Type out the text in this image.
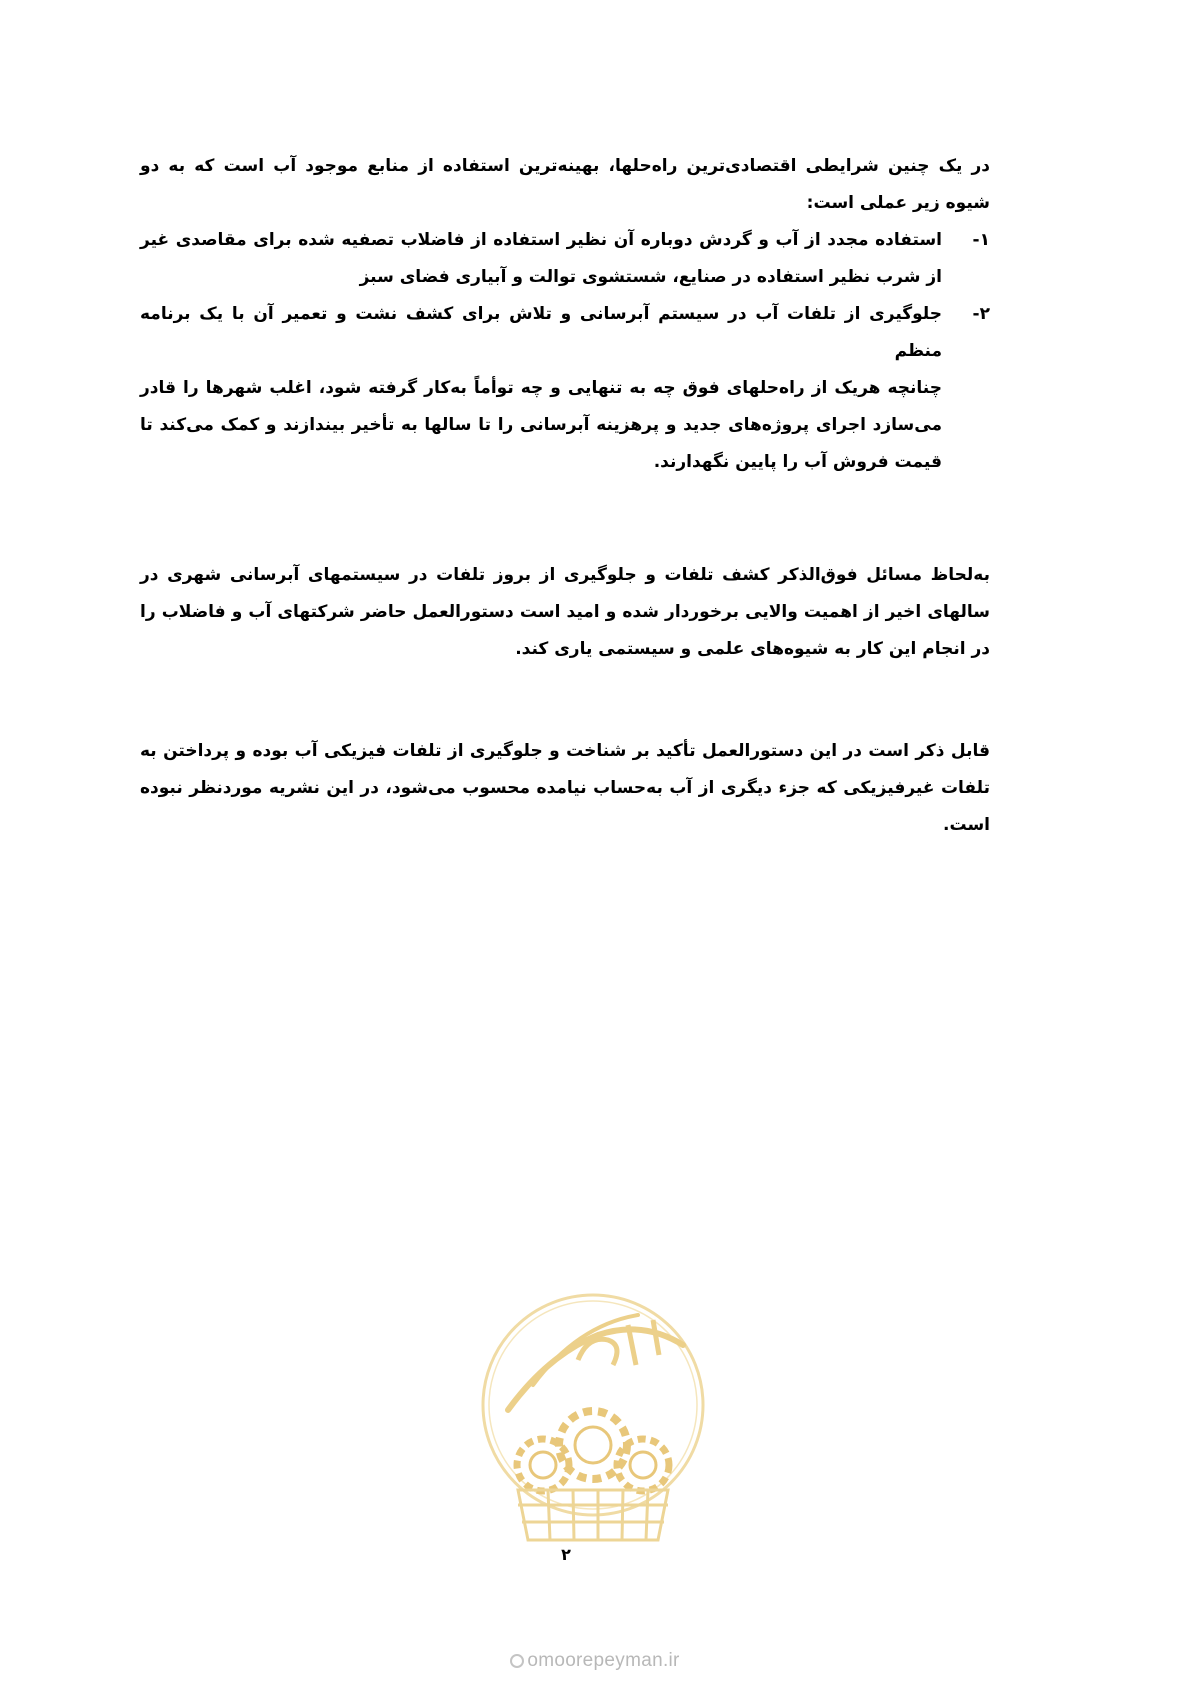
در یک چنین شرایطی اقتصادی‌ترین راه‌حلها، بهینه‌ترین استفاده از منابع موجود آب است که به دو شیوه زیر عملی است:
۱-
استفاده مجدد از آب و گردش دوباره آن نظیر استفاده از فاضلاب تصفیه شده برای مقاصدی غیر از شرب نظیر استفاده در صنایع، شستشوی توالت و آبیاری فضای سبز
۲-
جلوگیری از تلفات آب در سیستم آبرسانی و تلاش برای کشف نشت و تعمیر آن با یک برنامه منظم
چنانچه هریک از راه‌حلهای فوق چه به تنهایی و چه توأماً به‌کار گرفته شود، اغلب شهرها را قادر می‌سازد اجرای پروژه‌های جدید و پرهزینه آبرسانی را تا سالها به تأخیر بیندازند و کمک می‌کند تا قیمت فروش آب را پایین نگهدارند.
به‌لحاظ مسائل فوق‌الذکر کشف تلفات و جلوگیری از بروز تلفات در سیستمهای آبرسانی شهری در سالهای اخیر از اهمیت والایی برخوردار شده و امید است دستورالعمل حاضر شرکتهای آب و فاضلاب را در انجام این کار به شیوه‌های علمی و سیستمی یاری کند.
قابل ذکر است در این دستورالعمل تأکید بر شناخت و جلوگیری از تلفات فیزیکی آب بوده و پرداختن به تلفات غیرفیزیکی که جزء دیگری از آب به‌حساب نیامده محسوب می‌شود، در این نشریه موردنظر نبوده است.
۲
omoorepeyman.ir
